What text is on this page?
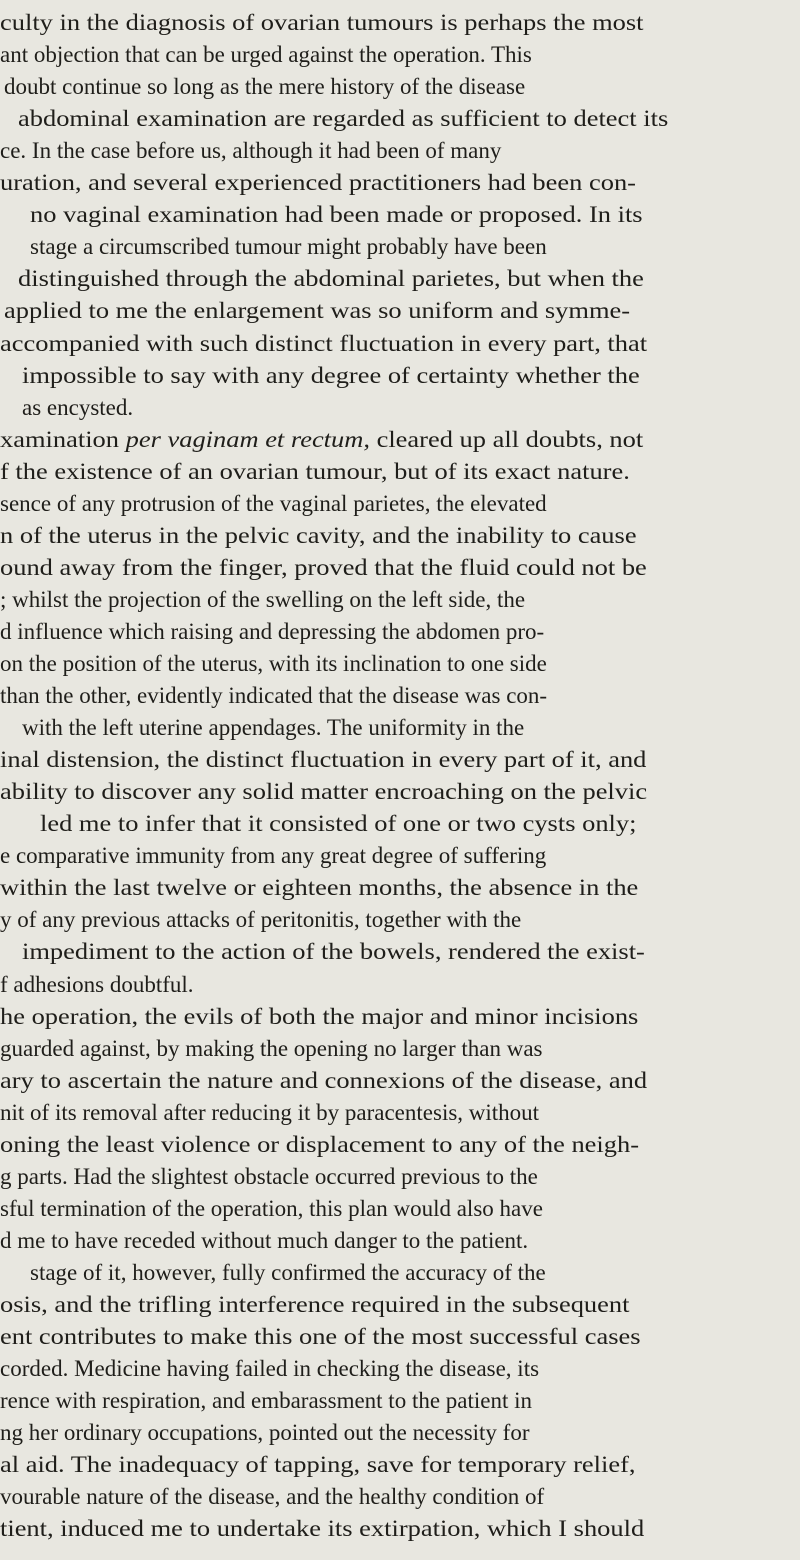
culty in the diagnosis of ovarian tumours is perhaps the most
ant objection that can be urged against the operation. This
doubt continue so long as the mere history of the disease
abdominal examination are regarded as sufficient to detect its
ce. In the case before us, although it had been of many
uration, and several experienced practitioners had been con-
no vaginal examination had been made or proposed. In its
stage a circumscribed tumour might probably have been
distinguished through the abdominal parietes, but when the
applied to me the enlargement was so uniform and symme-
accompanied with such distinct fluctuation in every part, that
impossible to say with any degree of certainty whether the
as encysted.
xamination per vaginam et rectum, cleared up all doubts, not
f the existence of an ovarian tumour, but of its exact nature.
sence of any protrusion of the vaginal parietes, the elevated
n of the uterus in the pelvic cavity, and the inability to cause
ound away from the finger, proved that the fluid could not be
; whilst the projection of the swelling on the left side, the
d influence which raising and depressing the abdomen pro-
on the position of the uterus, with its inclination to one side
than the other, evidently indicated that the disease was con-
with the left uterine appendages. The uniformity in the
inal distension, the distinct fluctuation in every part of it, and
ability to discover any solid matter encroaching on the pelvic
led me to infer that it consisted of one or two cysts only;
e comparative immunity from any great degree of suffering
within the last twelve or eighteen months, the absence in the
y of any previous attacks of peritonitis, together with the
impediment to the action of the bowels, rendered the exist-
f adhesions doubtful.
he operation, the evils of both the major and minor incisions
guarded against, by making the opening no larger than was
ary to ascertain the nature and connexions of the disease, and
nit of its removal after reducing it by paracentesis, without
oning the least violence or displacement to any of the neigh-
g parts. Had the slightest obstacle occurred previous to the
sful termination of the operation, this plan would also have
d me to have receded without much danger to the patient.
stage of it, however, fully confirmed the accuracy of the
osis, and the trifling interference required in the subsequent
ent contributes to make this one of the most successful cases
corded. Medicine having failed in checking the disease, its
rence with respiration, and embarassment to the patient in
ng her ordinary occupations, pointed out the necessity for
al aid. The inadequacy of tapping, save for temporary relief,
vourable nature of the disease, and the healthy condition of
tient, induced me to undertake its extirpation, which I should
